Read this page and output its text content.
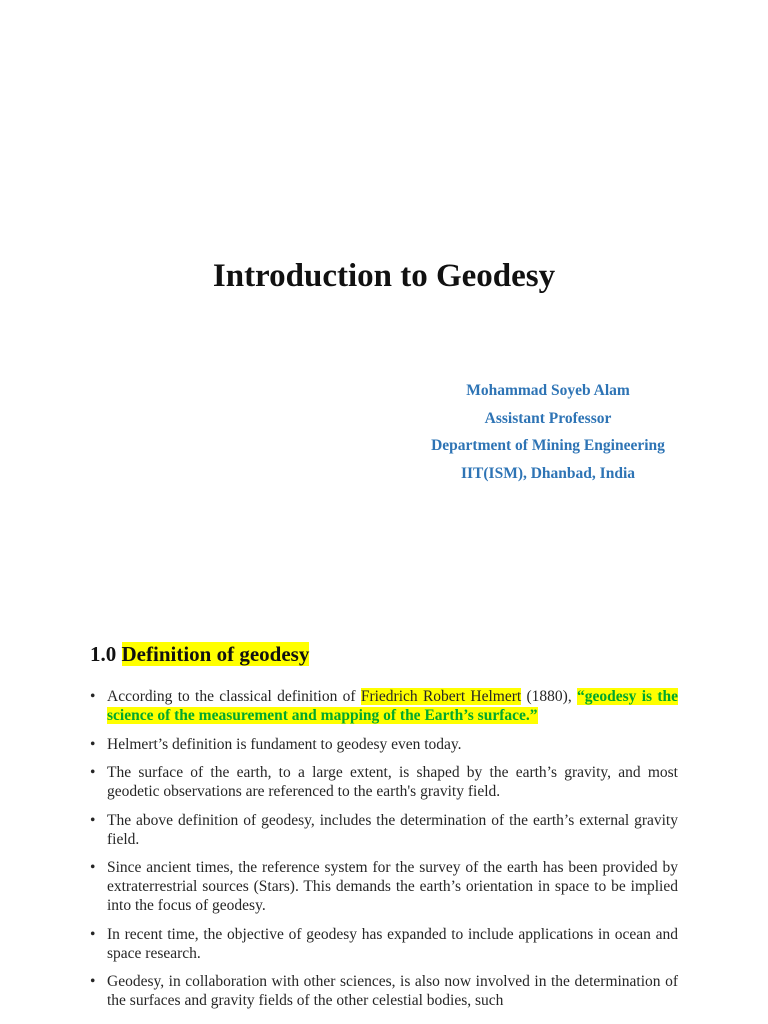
Introduction to Geodesy
Mohammad Soyeb Alam
Assistant Professor
Department of Mining Engineering
IIT(ISM), Dhanbad, India
1.0 Definition of geodesy
• According to the classical definition of Friedrich Robert Helmert (1880), “geodesy is the science of the measurement and mapping of the Earth’s surface.”
• Helmert’s definition is fundament to geodesy even today.
• The surface of the earth, to a large extent, is shaped by the earth’s gravity, and most geodetic observations are referenced to the earth's gravity field.
• The above definition of geodesy, includes the determination of the earth’s external gravity field.
• Since ancient times, the reference system for the survey of the earth has been provided by extraterrestrial sources (Stars). This demands the earth’s orientation in space to be implied into the focus of geodesy.
• In recent time, the objective of geodesy has expanded to include applications in ocean and space research.
• Geodesy, in collaboration with other sciences, is also now involved in the determination of the surfaces and gravity fields of the other celestial bodies, such
